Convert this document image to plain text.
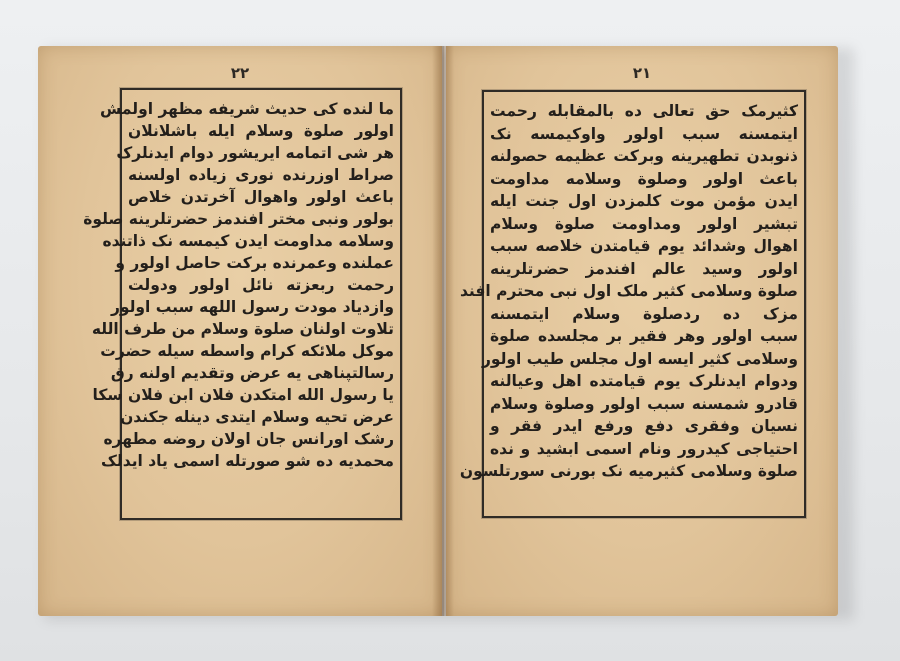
٢٢
ما لنده کی حدیث شریفه مظهر اولمش
اولور صلوة وسلام ایله باشلانلان
هر شی اتمامه ایریشور دوام ایدنلرک
صراط اوزرنده نوری زیاده اولسنه
باعث اولور واهوال آخرتدن خلاص
بولور ونبی مختر افندمز حضرتلرینه صلوة
وسلامه مداومت ایدن کیمسه نک ذاتنده
عملنده وعمرنده برکت حاصل اولور و
رحمت ربعزته نائل اولور ودولت
وازدیاد مودت رسول اللهه سبب اولور
تلاوت اولنان صلوة وسلام من طرف الله
موکل ملائکه کرام واسطه سیله حضرت
رسالتپناهی یه عرض وتقدیم اولنه رق
یا رسول الله امتکدن فلان ابن فلان سکا
عرض تحیه وسلام ایتدی دینله جکندن
رشک اورانس جان اولان روضه مطهره
محمدیه ده شو صورتله اسمی یاد ایدلک
٢١
کثیرمک حق تعالی ده بالمقابله رحمت
ایتمسنه سبب اولور واوکیمسه نک
ذنوبدن تطهیرینه وبرکت عظیمه حصولنه
باعث اولور وصلوة وسلامه مداومت
ایدن مؤمن موت کلمزدن اول جنت ایله
تبشیر اولور ومداومت صلوة وسلام
اهوال وشدائد یوم قیامتدن خلاصه سبب
اولور وسید عالم افندمز حضرتلرینه
صلوة وسلامی کثیر ملک اول نبی محترم افند
مزک ده ردصلوة وسلام ایتمسنه
سبب اولور وهر فقیر بر مجلسده صلوة
وسلامی کثیر ایسه اول مجلس طیب اولور
ودوام ایدنلرک یوم قیامتده اهل وعیالنه
قادرو شمسنه سبب اولور وصلوة وسلام
نسیان وفقری دفع ورفع ایدر فقر و
احتیاجی کیدرور ونام اسمی ابشید و نده
صلوة وسلامی کثیرمیه نک بورنی سورتلسون
